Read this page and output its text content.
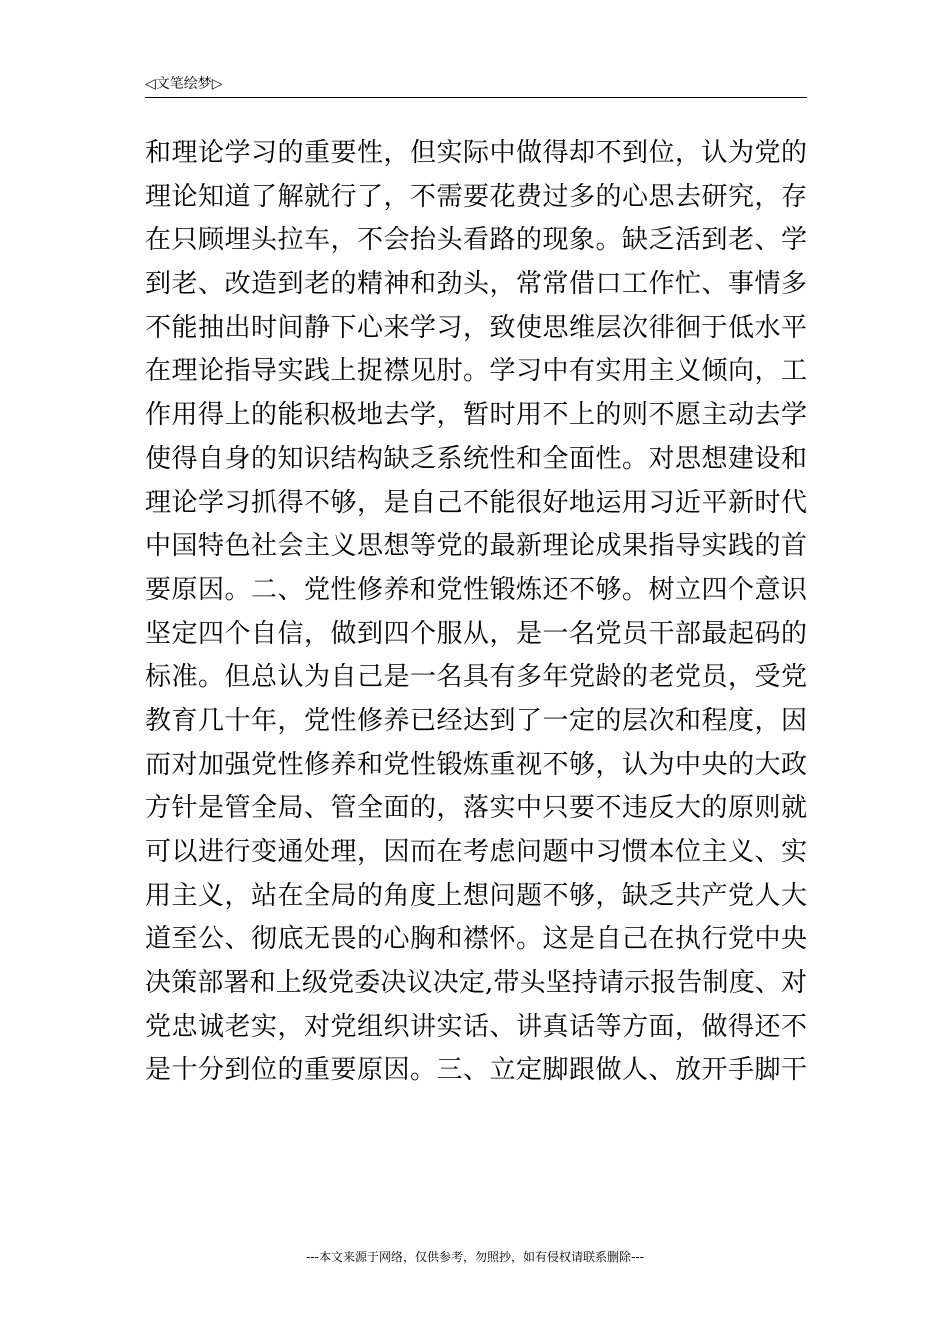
◁文笔绘梦▷
和理论学习的重要性，但实际中做得却不到位，认为党的
理论知道了解就行了，不需要花费过多的心思去研究，存
在只顾埋头拉车，不会抬头看路的现象。缺乏活到老、学
到老、改造到老的精神和劲头，常常借口工作忙、事情多
不能抽出时间静下心来学习，致使思维层次徘徊于低水平
在理论指导实践上捉襟见肘。学习中有实用主义倾向，工
作用得上的能积极地去学，暂时用不上的则不愿主动去学
使得自身的知识结构缺乏系统性和全面性。对思想建设和
理论学习抓得不够，是自己不能很好地运用习近平新时代
中国特色社会主义思想等党的最新理论成果指导实践的首
要原因。二、党性修养和党性锻炼还不够。树立四个意识
坚定四个自信，做到四个服从，是一名党员干部最起码的
标准。但总认为自己是一名具有多年党龄的老党员，受党
教育几十年，党性修养已经达到了一定的层次和程度，因
而对加强党性修养和党性锻炼重视不够，认为中央的大政
方针是管全局、管全面的，落实中只要不违反大的原则就
可以进行变通处理，因而在考虑问题中习惯本位主义、实
用主义，站在全局的角度上想问题不够，缺乏共产党人大
道至公、彻底无畏的心胸和襟怀。这是自己在执行党中央
决策部署和上级党委决议决定,带头坚持请示报告制度、对
党忠诚老实，对党组织讲实话、讲真话等方面，做得还不
是十分到位的重要原因。三、立定脚跟做人、放开手脚干
---本文来源于网络，仅供参考，勿照抄，如有侵权请联系删除---
